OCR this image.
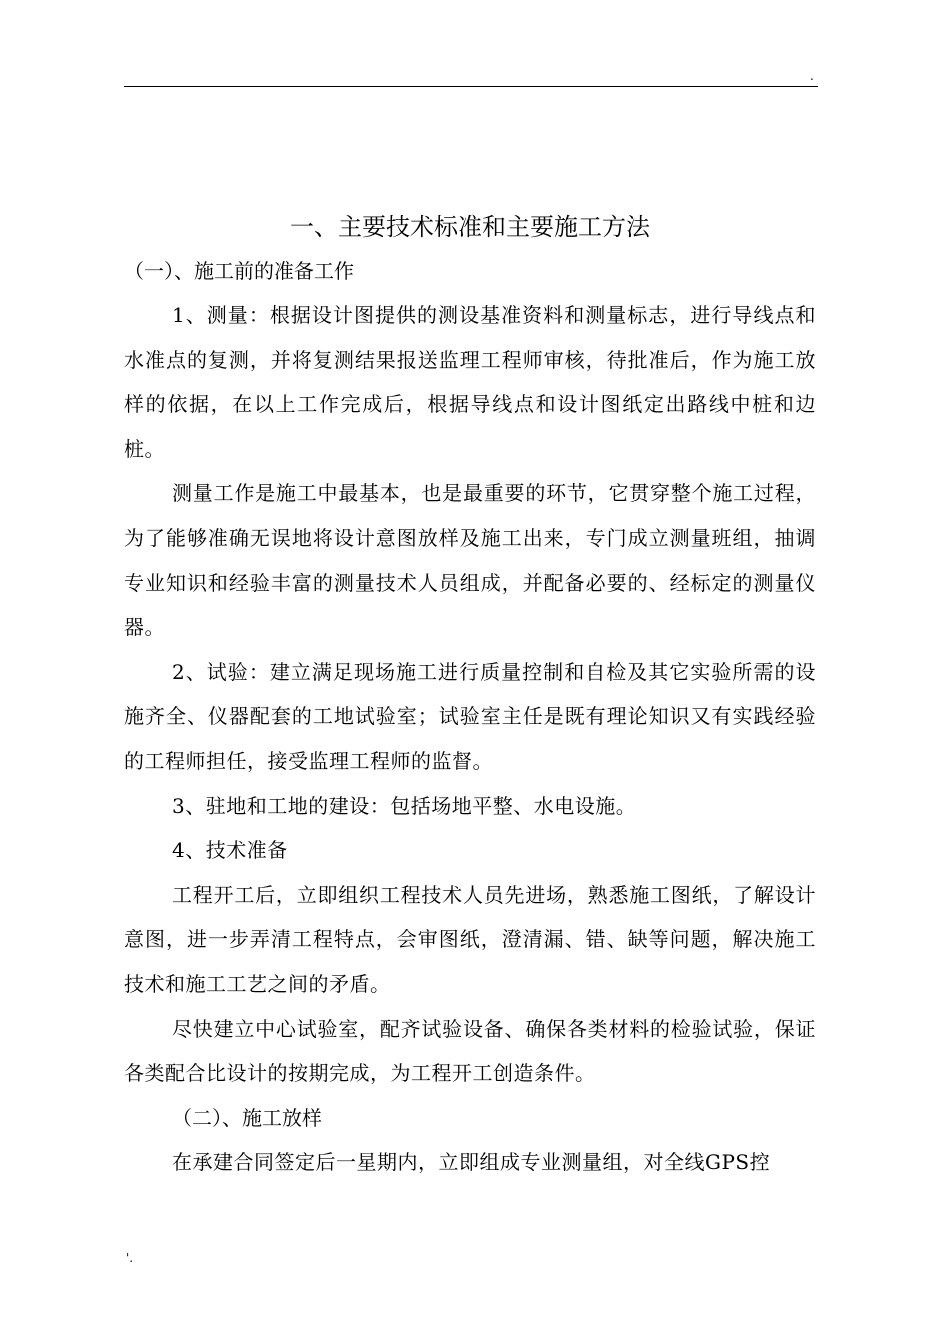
.
一、主要技术标准和主要施工方法

（一）、施工前的准备工作

1、测量：根据设计图提供的测设基准资料和测量标志，进行导线点和水准点的复测，并将复测结果报送监理工程师审核，待批准后，作为施工放样的依据，在以上工作完成后，根据导线点和设计图纸定出路线中桩和边桩。

测量工作是施工中最基本，也是最重要的环节，它贯穿整个施工过程，为了能够准确无误地将设计意图放样及施工出来，专门成立测量班组，抽调专业知识和经验丰富的测量技术人员组成，并配备必要的、经标定的测量仪器。

2、试验：建立满足现场施工进行质量控制和自检及其它实验所需的设施齐全、仪器配套的工地试验室；试验室主任是既有理论知识又有实践经验的工程师担任，接受监理工程师的监督。

3、驻地和工地的建设：包括场地平整、水电设施。

4、技术准备

工程开工后，立即组织工程技术人员先进场，熟悉施工图纸，了解设计意图，进一步弄清工程特点，会审图纸，澄清漏、错、缺等问题，解决施工技术和施工工艺之间的矛盾。

尽快建立中心试验室，配齐试验设备、确保各类材料的检验试验，保证各类配合比设计的按期完成，为工程开工创造条件。

（二）、施工放样

在承建合同签定后一星期内，立即组成专业测量组，对全线GPS控

'.
